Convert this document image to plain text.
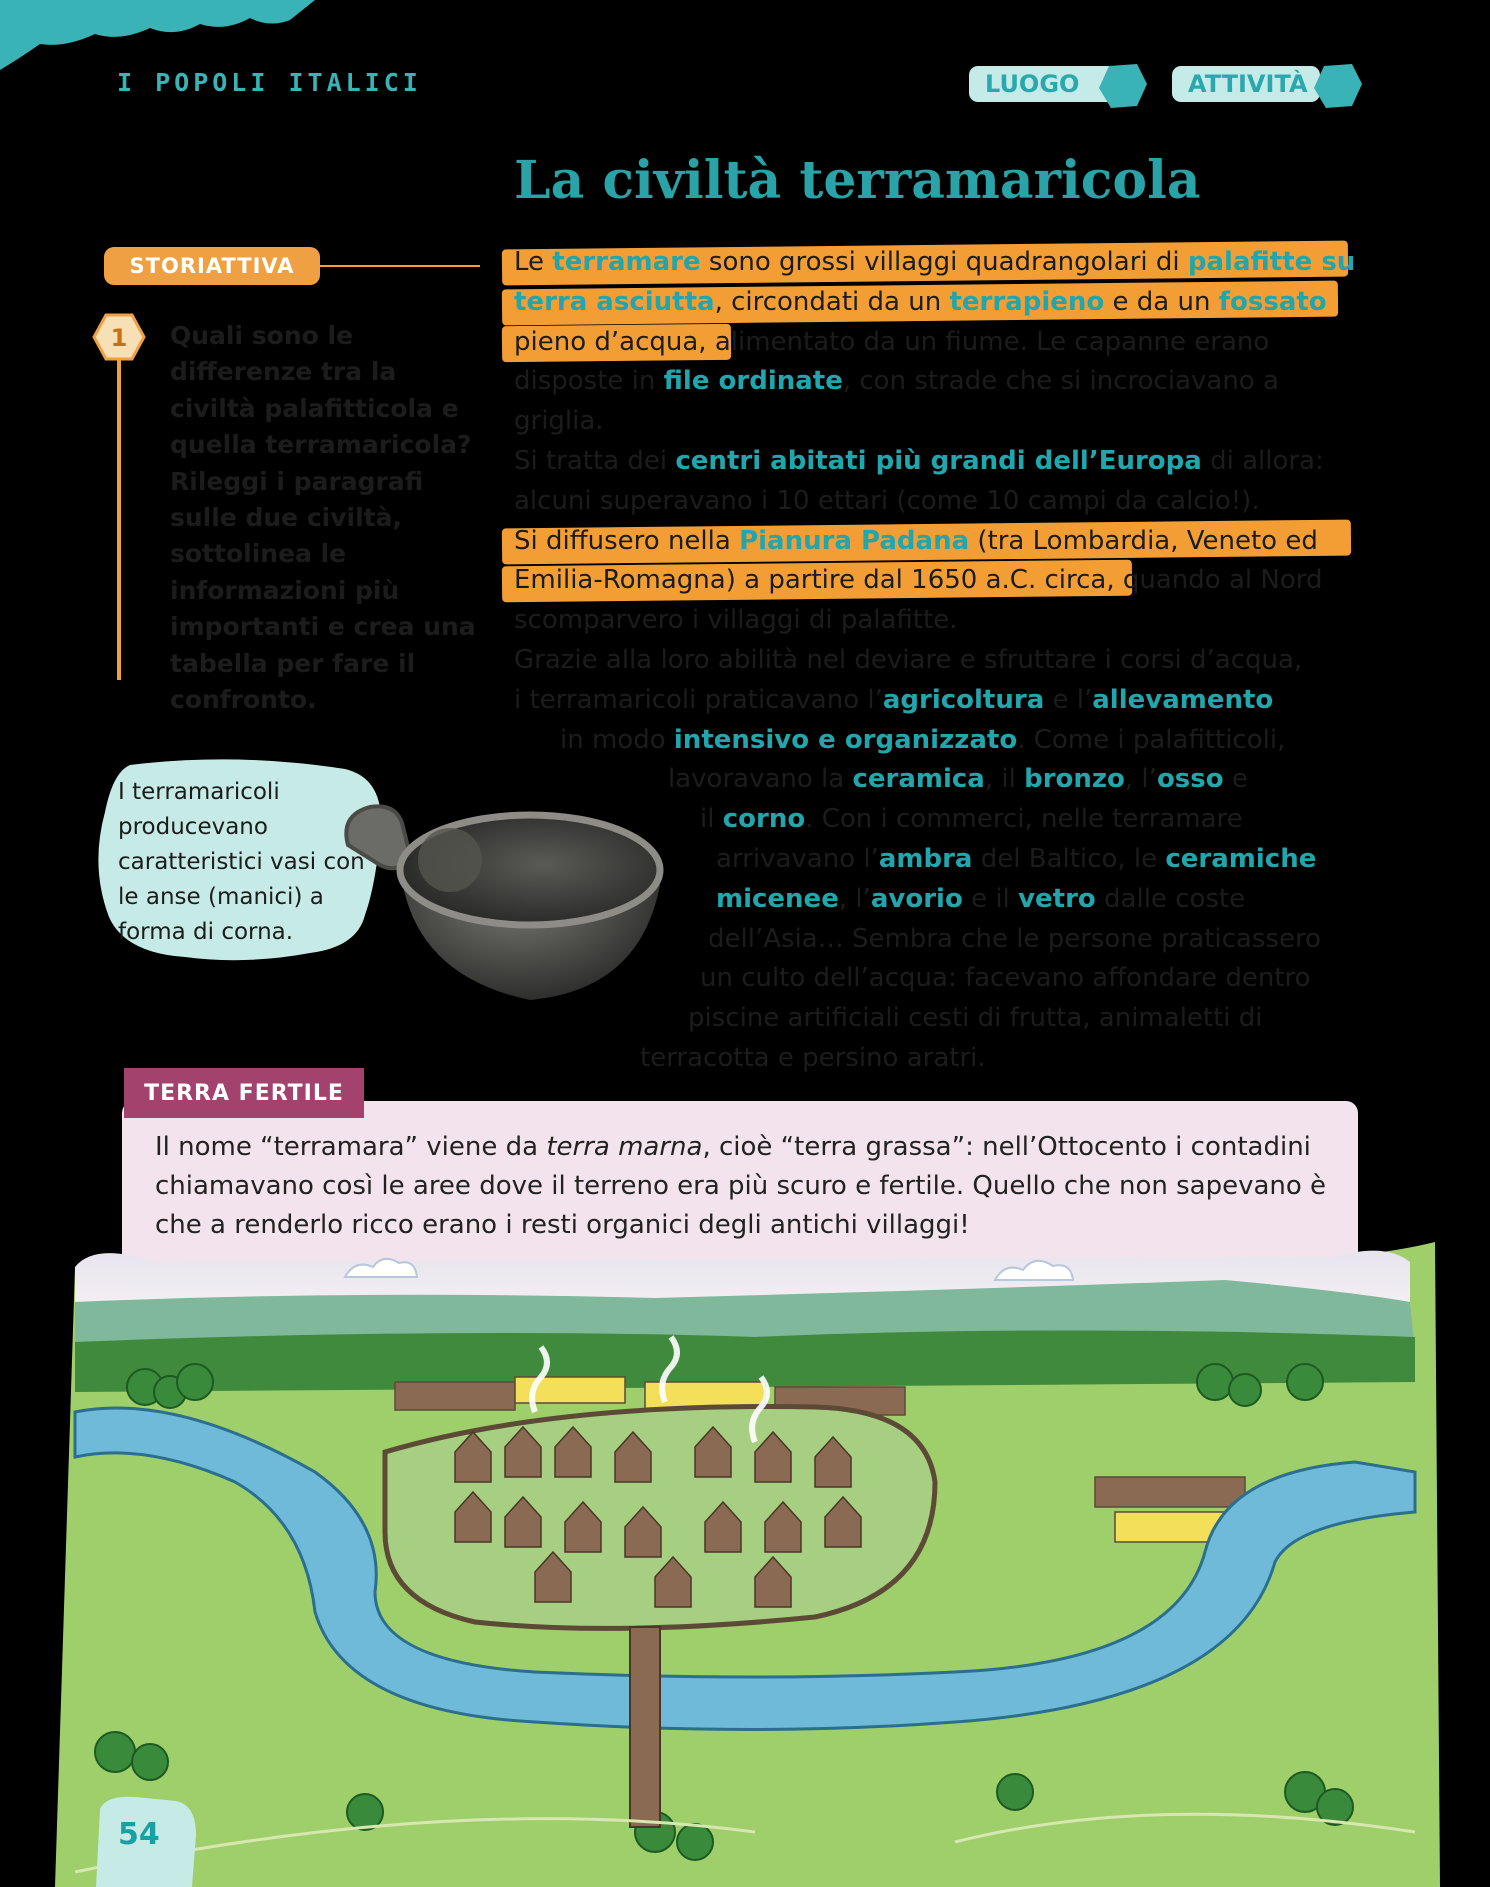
I POPOLI ITALICI	LUOGO	ATTIVITÀ
La civiltà terramaricola
STORIATTIVA
1 Quali sono le differenze tra la civiltà palafitticola e quella terramaricola? Rileggi i paragrafi sulle due civiltà, sottolinea le informazioni più importanti e crea una tabella per fare il confronto.
Le terramare sono grossi villaggi quadrangolari di palafitte su
terra asciutta, circondati da un terrapieno e da un fossato
pieno d’acqua, alimentato da un fiume. Le capanne erano
disposte in file ordinate, con strade che si incrociavano a
griglia.
Si tratta dei centri abitati più grandi dell’Europa di allora:
alcuni superavano i 10 ettari (come 10 campi da calcio!).
Si diffusero nella Pianura Padana (tra Lombardia, Veneto ed
Emilia-Romagna) a partire dal 1650 a.C. circa, quando al Nord
scomparvero i villaggi di palafitte.
Grazie alla loro abilità nel deviare e sfruttare i corsi d’acqua,
i terramaricoli praticavano l’agricoltura e l’allevamento
in modo intensivo e organizzato. Come i palafitticoli,
lavoravano la ceramica, il bronzo, l’osso e
il corno. Con i commerci, nelle terramare
arrivavano l’ambra del Baltico, le ceramiche
micenee, l’avorio e il vetro dalle coste
dell’Asia… Sembra che le persone praticassero
un culto dell’acqua: facevano affondare dentro
piscine artificiali cesti di frutta, animaletti di
terracotta e persino aratri.
I terramaricoli producevano caratteristici vasi con le anse (manici) a forma di corna.
TERRA FERTILE
Il nome “terramara” viene da terra marna, cioè “terra grassa”: nell’Ottocento i contadini chiamavano così le aree dove il terreno era più scuro e fertile. Quello che non sapevano è che a renderlo ricco erano i resti organici degli antichi villaggi!
54
